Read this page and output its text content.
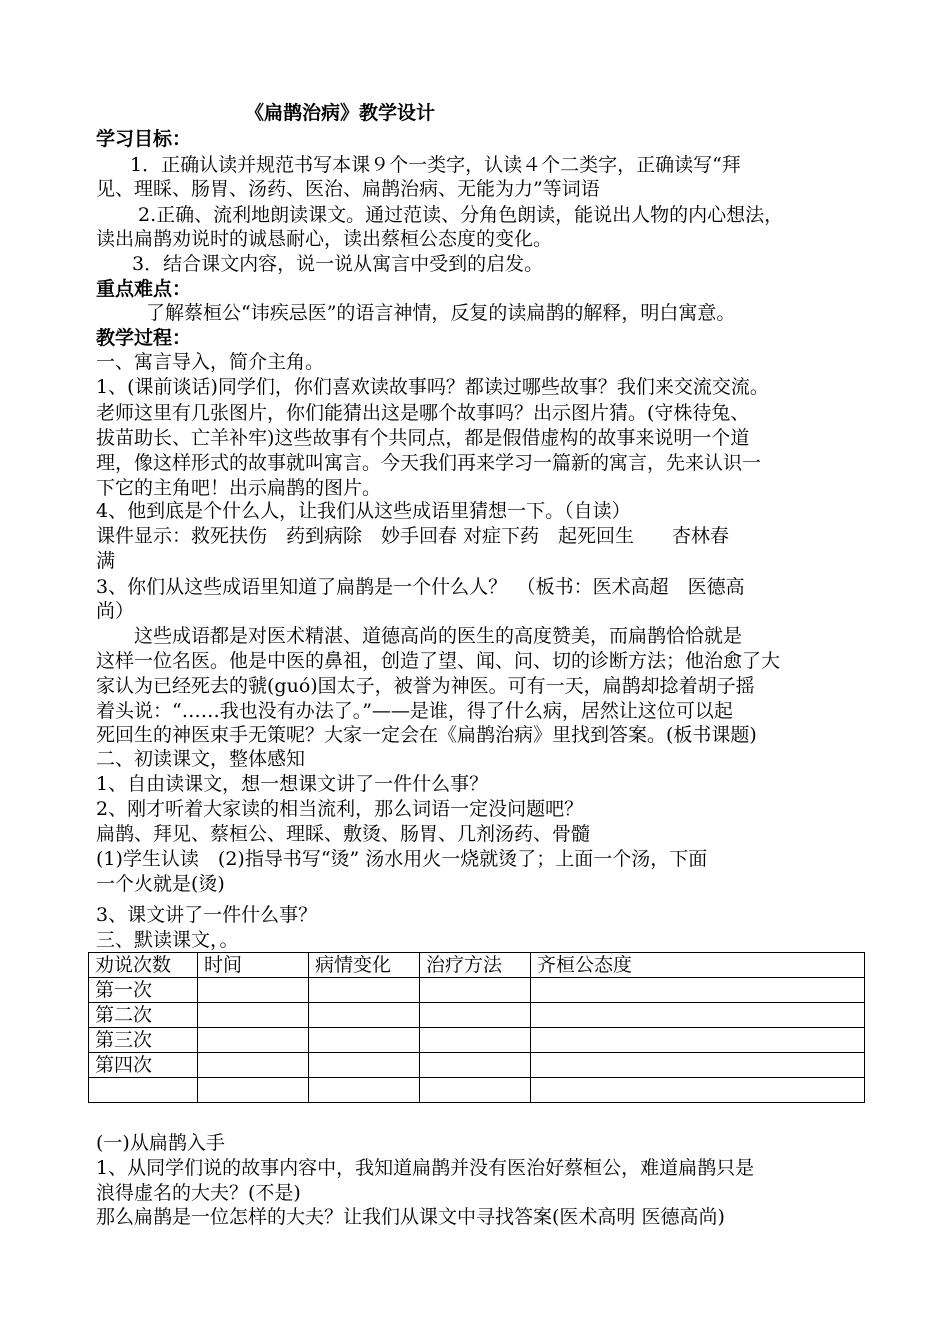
《扁鹊治病》教学设计
学习目标：
1．正确认读并规范书写本课９个一类字，认读４个二类字，正确读写“拜
见、理睬、肠胃、汤药、医治、扁鹊治病、无能为力”等词语
2.正确、流利地朗读课文。通过范读、分角色朗读，能说出人物的内心想法，
读出扁鹊劝说时的诚恳耐心，读出蔡桓公态度的变化。
3．结合课文内容，说一说从寓言中受到的启发。
重点难点：
了解蔡桓公“讳疾忌医”的语言神情，反复的读扁鹊的解释，明白寓意。
教学过程：
一、寓言导入，简介主角。
1、(课前谈话)同学们，你们喜欢读故事吗？都读过哪些故事？我们来交流交流。
老师这里有几张图片，你们能猜出这是哪个故事吗？出示图片猜。(守株待兔、
拔苗助长、亡羊补牢)这些故事有个共同点，都是假借虚构的故事来说明一个道
理，像这样形式的故事就叫寓言。今天我们再来学习一篇新的寓言，先来认识一
下它的主角吧！出示扁鹊的图片。
4、他到底是个什么人，让我们从这些成语里猜想一下。（自读）
课件显示：救死扶伤　药到病除　妙手回春 对症下药　起死回生　　杏林春
满
3、你们从这些成语里知道了扁鹊是一个什么人？　（板书：医术高超　医德高
尚）
　　这些成语都是对医术精湛、道德高尚的医生的高度赞美，而扁鹊恰恰就是
这样一位名医。他是中医的鼻祖，创造了望、闻、问、切的诊断方法；他治愈了大
家认为已经死去的虢(guó)国太子，被誉为神医。可有一天，扁鹊却捻着胡子摇
着头说：“……我也没有办法了。”——是谁，得了什么病，居然让这位可以起
死回生的神医束手无策呢？大家一定会在《扁鹊治病》里找到答案。(板书课题)
二、初读课文，整体感知
1、自由读课文，想一想课文讲了一件什么事？
2、刚才听着大家读的相当流利，那么词语一定没问题吧？
扁鹊、拜见、蔡桓公、理睬、敷烫、肠胃、几剂汤药、骨髓
(1)学生认读　(2)指导书写“烫” 汤水用火一烧就烫了；上面一个汤，下面
一个火就是(烫)
3、课文讲了一件什么事？
三、默读课文，。
劝说次数	时间	病情变化	治疗方法	齐桓公态度
第一次				
第二次				
第三次				
第四次				

(一)从扁鹊入手
1、从同学们说的故事内容中，我知道扁鹊并没有医治好蔡桓公，难道扁鹊只是
浪得虚名的大夫？(不是)
那么扁鹊是一位怎样的大夫？让我们从课文中寻找答案(医术高明 医德高尚)
